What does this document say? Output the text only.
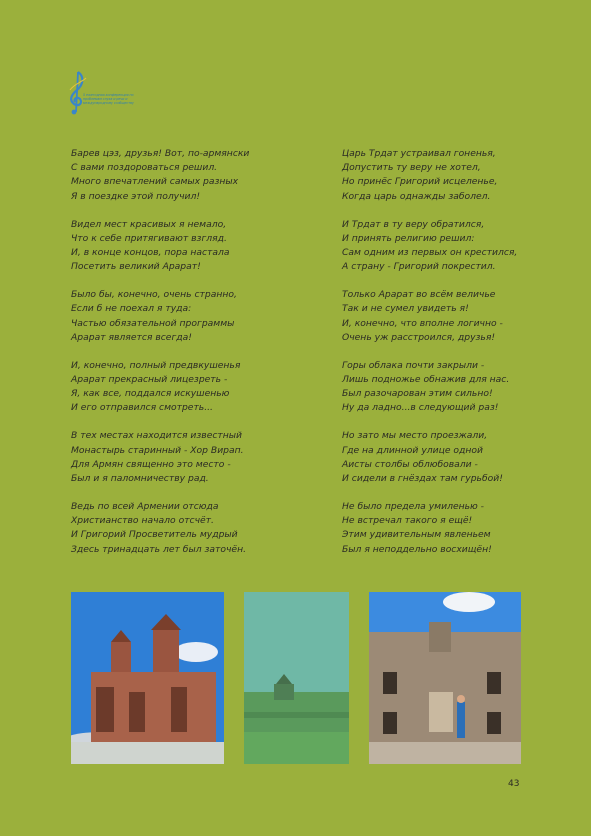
5 ежегодная конференция по проблемам слуха и речи и международному сообществу
Барев цэз, друзья! Вот, по-армянски
С вами поздороваться решил.
Много впечатлений самых разных
Я в поездке этой получил!
Видел мест красивых я немало,
Что к себе притягивают взгляд.
И, в конце концов, пора настала
Посетить великий Арарат!
Было бы, конечно, очень странно,
Если б не поехал я туда:
Частью обязательной программы
Арарат является всегда!
И, конечно, полный предвкушенья
Арарат прекрасный лицезреть -
Я, как все, поддался искушенью
И его отправился смотреть...
В тех местах находится известный
Монастырь старинный - Хор Вирап.
Для Армян священно это место -
Был и я паломничеству рад.
Ведь по всей Армении отсюда
Христианство начало отсчёт.
И Григорий Просветитель мудрый
Здесь тринадцать лет был заточён.
Царь Трдат устраивал гоненья,
Допустить ту веру не хотел,
Но принёс Григорий исцеленье,
Когда царь однажды заболел.
И Трдат в ту веру обратился,
И принять религию решил:
Сам одним из первых он крестился,
А страну - Григорий покрестил.
Только Арарат во всём величье
Так и не сумел увидеть я!
И, конечно, что вполне логично -
Очень уж расстроился, друзья!
Горы облака почти закрыли -
Лишь подножье обнажив для нас.
Был разочарован этим сильно!
Ну да ладно...в следующий раз!
Но зато мы место проезжали,
Где на длинной улице одной
Аисты столбы облюбовали -
И сидели в гнёздах там гурьбой!
Не было предела умиленью -
Не встречал такого я ещё!
Этим удивительным явленьем
Был я неподдельно восхищён!
43
